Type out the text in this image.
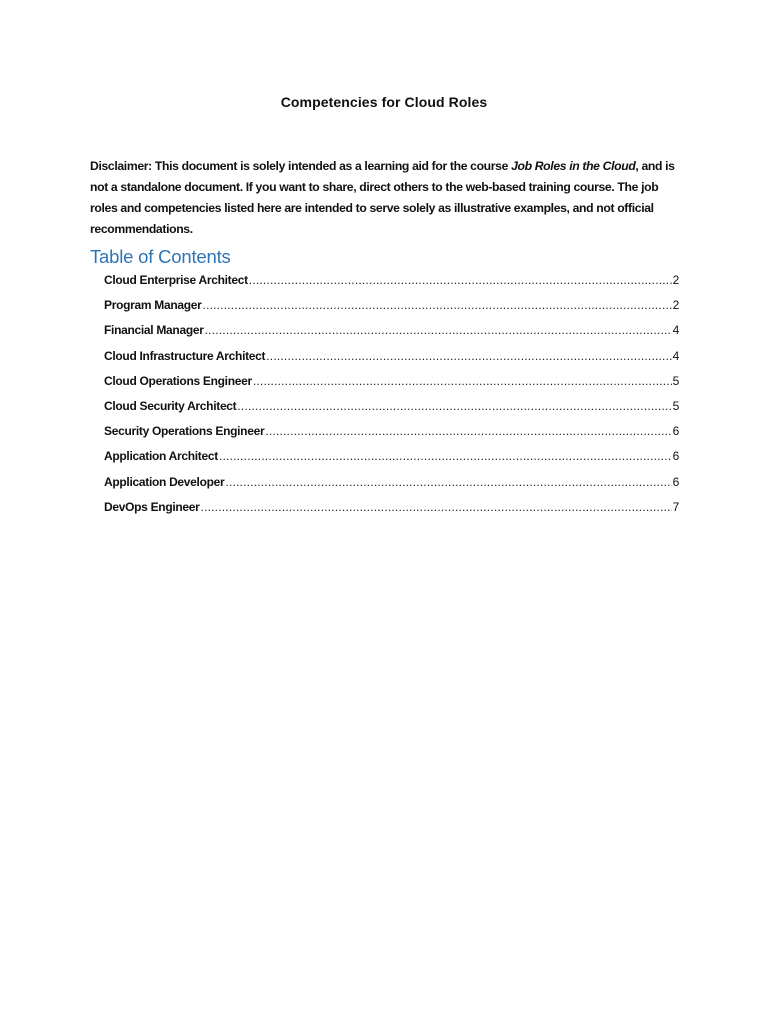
Competencies for Cloud Roles
Disclaimer: This document is solely intended as a learning aid for the course Job Roles in the Cloud, and is not a standalone document. If you want to share, direct others to the web-based training course. The job roles and competencies listed here are intended to serve solely as illustrative examples, and not official recommendations.
Table of Contents
Cloud Enterprise Architect .....	2
Program Manager .....	2
Financial Manager .....	4
Cloud Infrastructure Architect .....	4
Cloud Operations Engineer .....	5
Cloud Security Architect .....	5
Security Operations Engineer .....	6
Application Architect .....	6
Application Developer .....	6
DevOps Engineer .....	7
